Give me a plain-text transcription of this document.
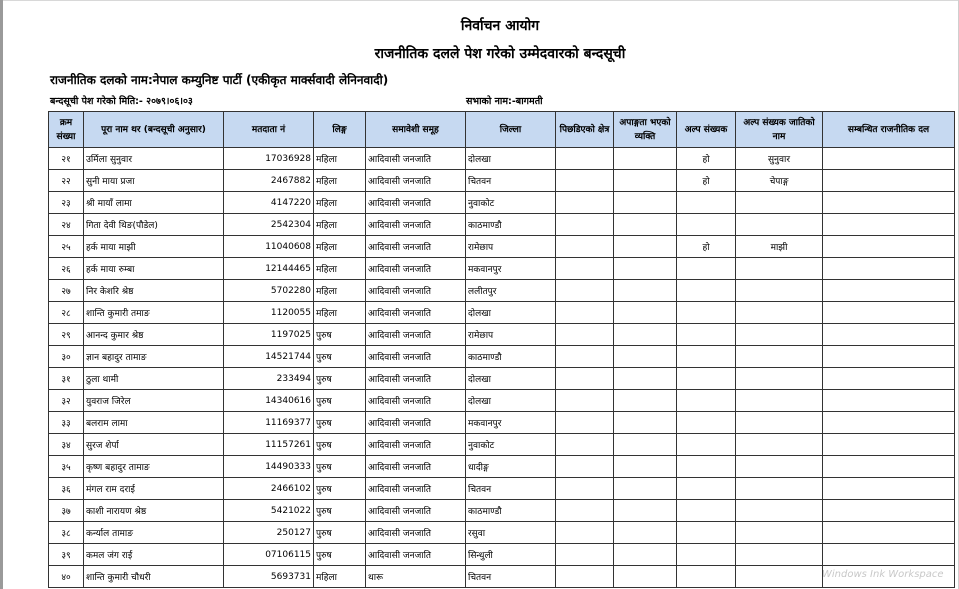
निर्वाचन आयोग
राजनीतिक दलले पेश गरेको उम्मेदवारको बन्दसूची
राजनीतिक दलको नाम:नेपाल कम्युनिष्ट पार्टी (एकीकृत मार्क्सवादी लेनिनवादी)
बन्दसूची पेश गरेको मिति:- २०७९।०६।०३	सभाको नाम:-बागमती
क्रम संख्या	पूरा नाम थर (बन्दसूची अनुसार)	मतदाता नं	लिङ्ग	समावेशी समूह	जिल्ला	पिछडिएको क्षेत्र	अपाङ्गता भएको व्यक्ति	अल्प संख्यक	अल्प संख्यक जातिको नाम	सम्बन्धित राजनीतिक दल
२१	उर्मिला सुनुवार	17036928	महिला	आदिवासी जनजाति	दोलखा			हो	सुनुवार	
२२	सुनी माया प्रजा	2467882	महिला	आदिवासी जनजाति	चितवन			हो	चेपाङ्ग	
२३	श्री मायाँ लामा	4147220	महिला	आदिवासी जनजाति	नुवाकोट					
२४	गिता देवी थिङ(पौडेल)	2542304	महिला	आदिवासी जनजाति	काठमाण्डौ					
२५	हर्क माया माझी	11040608	महिला	आदिवासी जनजाति	रामेछाप			हो	माझी	
२६	हर्क माया रुम्बा	12144465	महिला	आदिवासी जनजाति	मकवानपुर					
२७	निर केशरि श्रेष्ठ	5702280	महिला	आदिवासी जनजाति	ललीतपुर					
२८	शान्ति कुमारी तमाङ	1120055	महिला	आदिवासी जनजाति	दोलखा					
२९	आनन्द कुमार श्रेष्ठ	1197025	पुरुष	आदिवासी जनजाति	रामेछाप					
३०	ज्ञान बहादुर तामाङ	14521744	पुरुष	आदिवासी जनजाति	काठमाण्डौ					
३१	ठुला थामी	233494	पुरुष	आदिवासी जनजाति	दोलखा					
३२	युवराज जिरेल	14340616	पुरुष	आदिवासी जनजाति	दोलखा					
३३	बलराम लामा	11169377	पुरुष	आदिवासी जनजाति	मकवानपुर					
३४	सुरज शेर्पा	11157261	पुरुष	आदिवासी जनजाति	नुवाकोट					
३५	कृष्ण बहादुर तामाङ	14490333	पुरुष	आदिवासी जनजाति	धादीङ्ग					
३६	मंगल राम दराई	2466102	पुरुष	आदिवासी जनजाति	चितवन					
३७	काशी नारायण श्रेष्ठ	5421022	पुरुष	आदिवासी जनजाति	काठमाण्डौ					
३८	कर्न्याल तामाङ	250127	पुरुष	आदिवासी जनजाति	रसुवा					
३९	कमल जंग राई	07106115	पुरुष	आदिवासी जनजाति	सिन्धुली					
४०	शान्ति कुमारी चौधरी	5693731	महिला	थारू	चितवन						Windows Ink Workspace
